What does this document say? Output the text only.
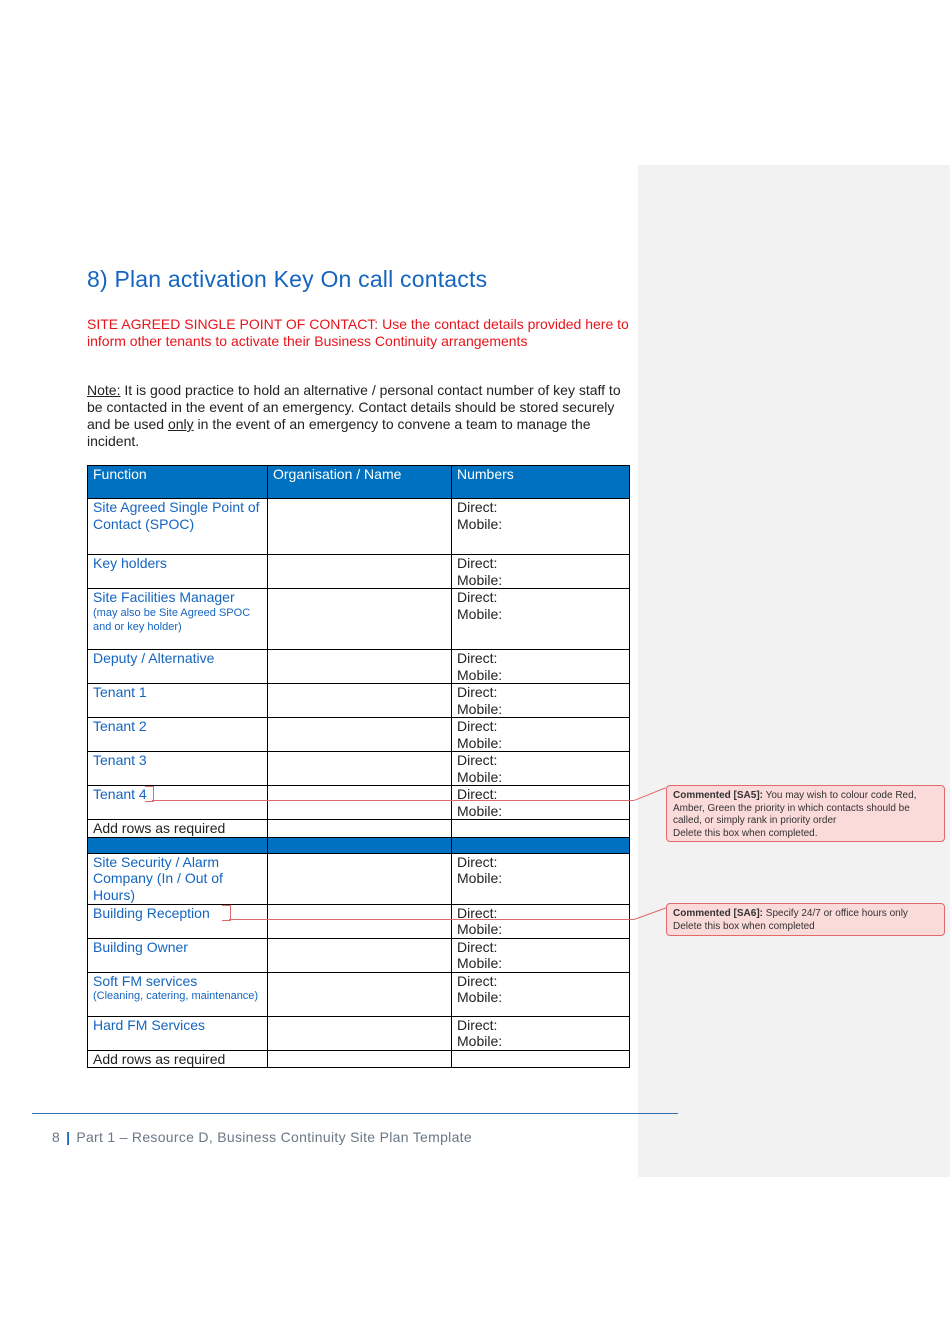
8) Plan activation Key On call contacts

SITE AGREED SINGLE POINT OF CONTACT: Use the contact details provided here to inform other tenants to activate their Business Continuity arrangements

Note: It is good practice to hold an alternative / personal contact number of key staff to be contacted in the event of an emergency. Contact details should be stored securely and be used only in the event of an emergency to convene a team to manage the incident.

Function	Organisation / Name	Numbers
Site Agreed Single Point of Contact (SPOC)		Direct:
Mobile:
Key holders		Direct:
Mobile:
Site Facilities Manager
(may also be Site Agreed SPOC and or key holder)		Direct:
Mobile:
Deputy / Alternative		Direct:
Mobile:
Tenant 1		Direct:
Mobile:
Tenant 2		Direct:
Mobile:
Tenant 3		Direct:
Mobile:
Tenant 4		Direct:
Mobile:
Add rows as required		

Site Security / Alarm Company (In / Out of Hours)		Direct:
Mobile:
Building Reception		Direct:
Mobile:
Building Owner		Direct:
Mobile:
Soft FM services
(Cleaning, catering, maintenance)		Direct:
Mobile:
Hard FM Services		Direct:
Mobile:
Add rows as required		
Commented [SA5]: You may wish to colour code Red, Amber, Green the priority in which contacts should be called, or simply rank in priority order
Delete this box when completed.
Commented [SA6]: Specify 24/7 or office hours only
Delete this box when completed

8 | Part 1 – Resource D, Business Continuity Site Plan Template
